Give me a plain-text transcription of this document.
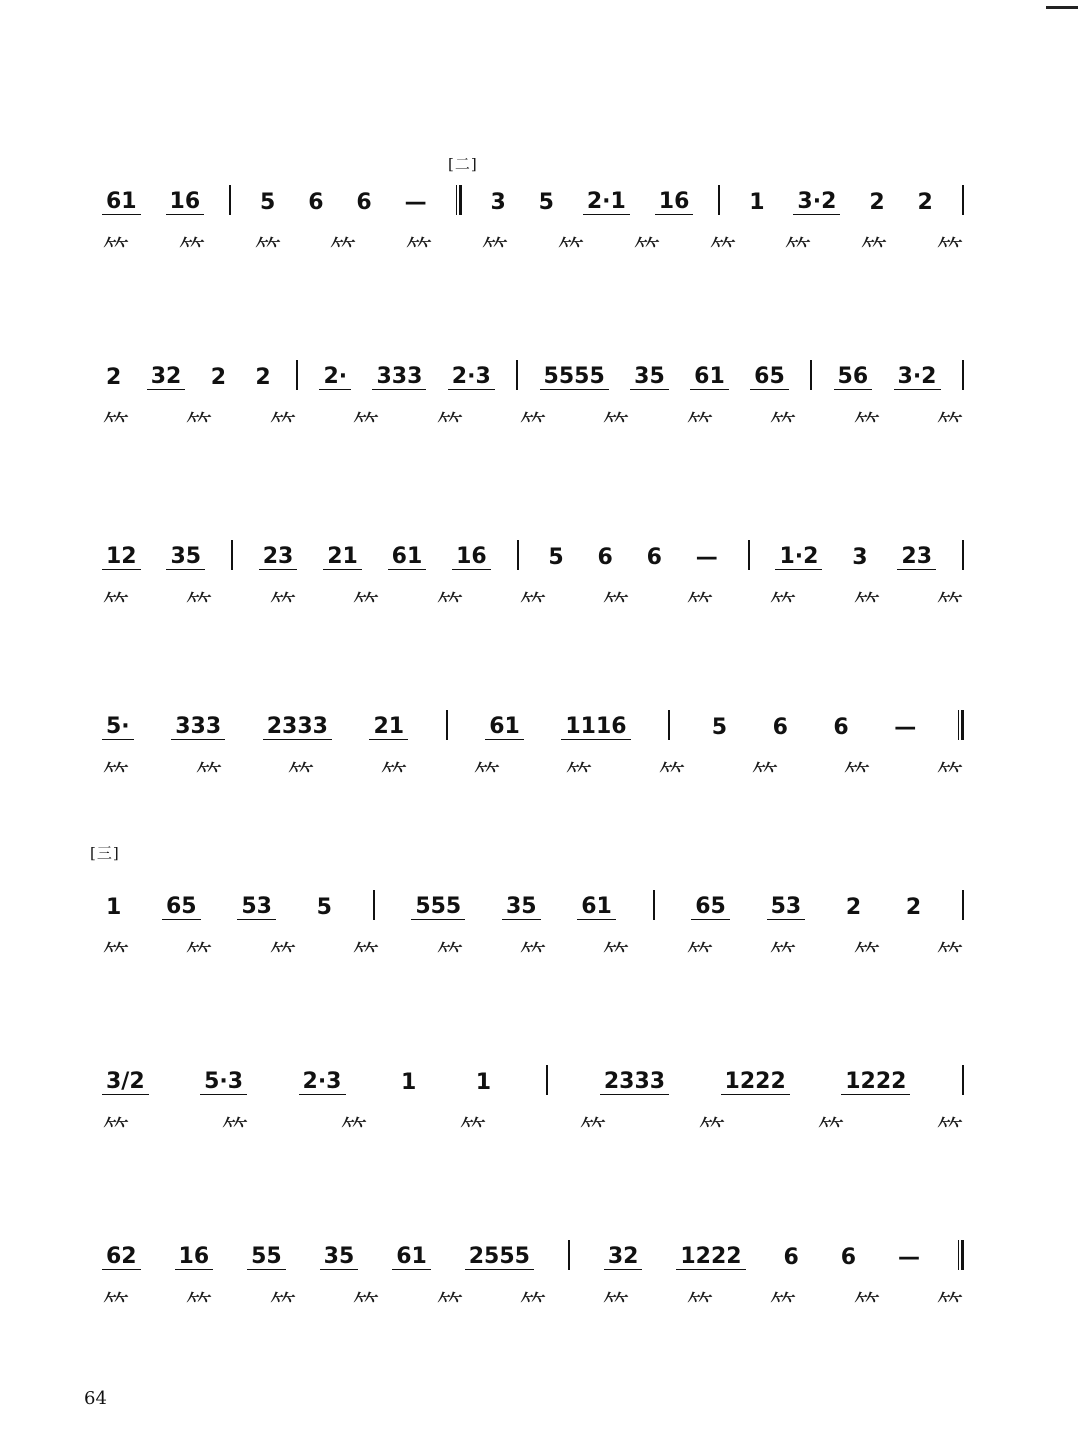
[二]
61 16	5 6 6 —	3 5 2·1 16	1 3·2 2 2
𥫗 𥫗 𥫗 𥫗 𥫗 𥫗 𥫗 𥫗 𥫗 𥫗 𥫗 𥫗
2 32 2 2 2· 333 2·3 5555 35 61 65 56 3·2
𥫗 𥫗 𥫗 𥫗 𥫗 𥫗 𥫗 𥫗 𥫗 𥫗 𥫗
12 35	23 21 61 16	5 6 6 —	1·2 3 23
𥫗 𥫗 𥫗 𥫗 𥫗 𥫗 𥫗 𥫗 𥫗 𥫗 𥫗
5· 333 2333 21	61 1116	5 6 6 —
𥫗 𥫗 𥫗 𥫗 𥫗 𥫗 𥫗 𥫗 𥫗 𥫗
[三]
1 65 53 5	555 35 61	65 53 2 2
𥫗 𥫗 𥫗 𥫗 𥫗 𥫗 𥫗 𥫗 𥫗 𥫗 𥫗
3/2	5·3	2·3	1	1	2333	1222	1222
𥫗	𥫗	𥫗	𥫗	𥫗	𥫗	𥫗	𥫗
62 16 55 35 61 2555	32 1222 6 6 —
𥫗 𥫗 𥫗 𥫗 𥫗 𥫗 𥫗 𥫗 𥫗 𥫗 𥫗
64
